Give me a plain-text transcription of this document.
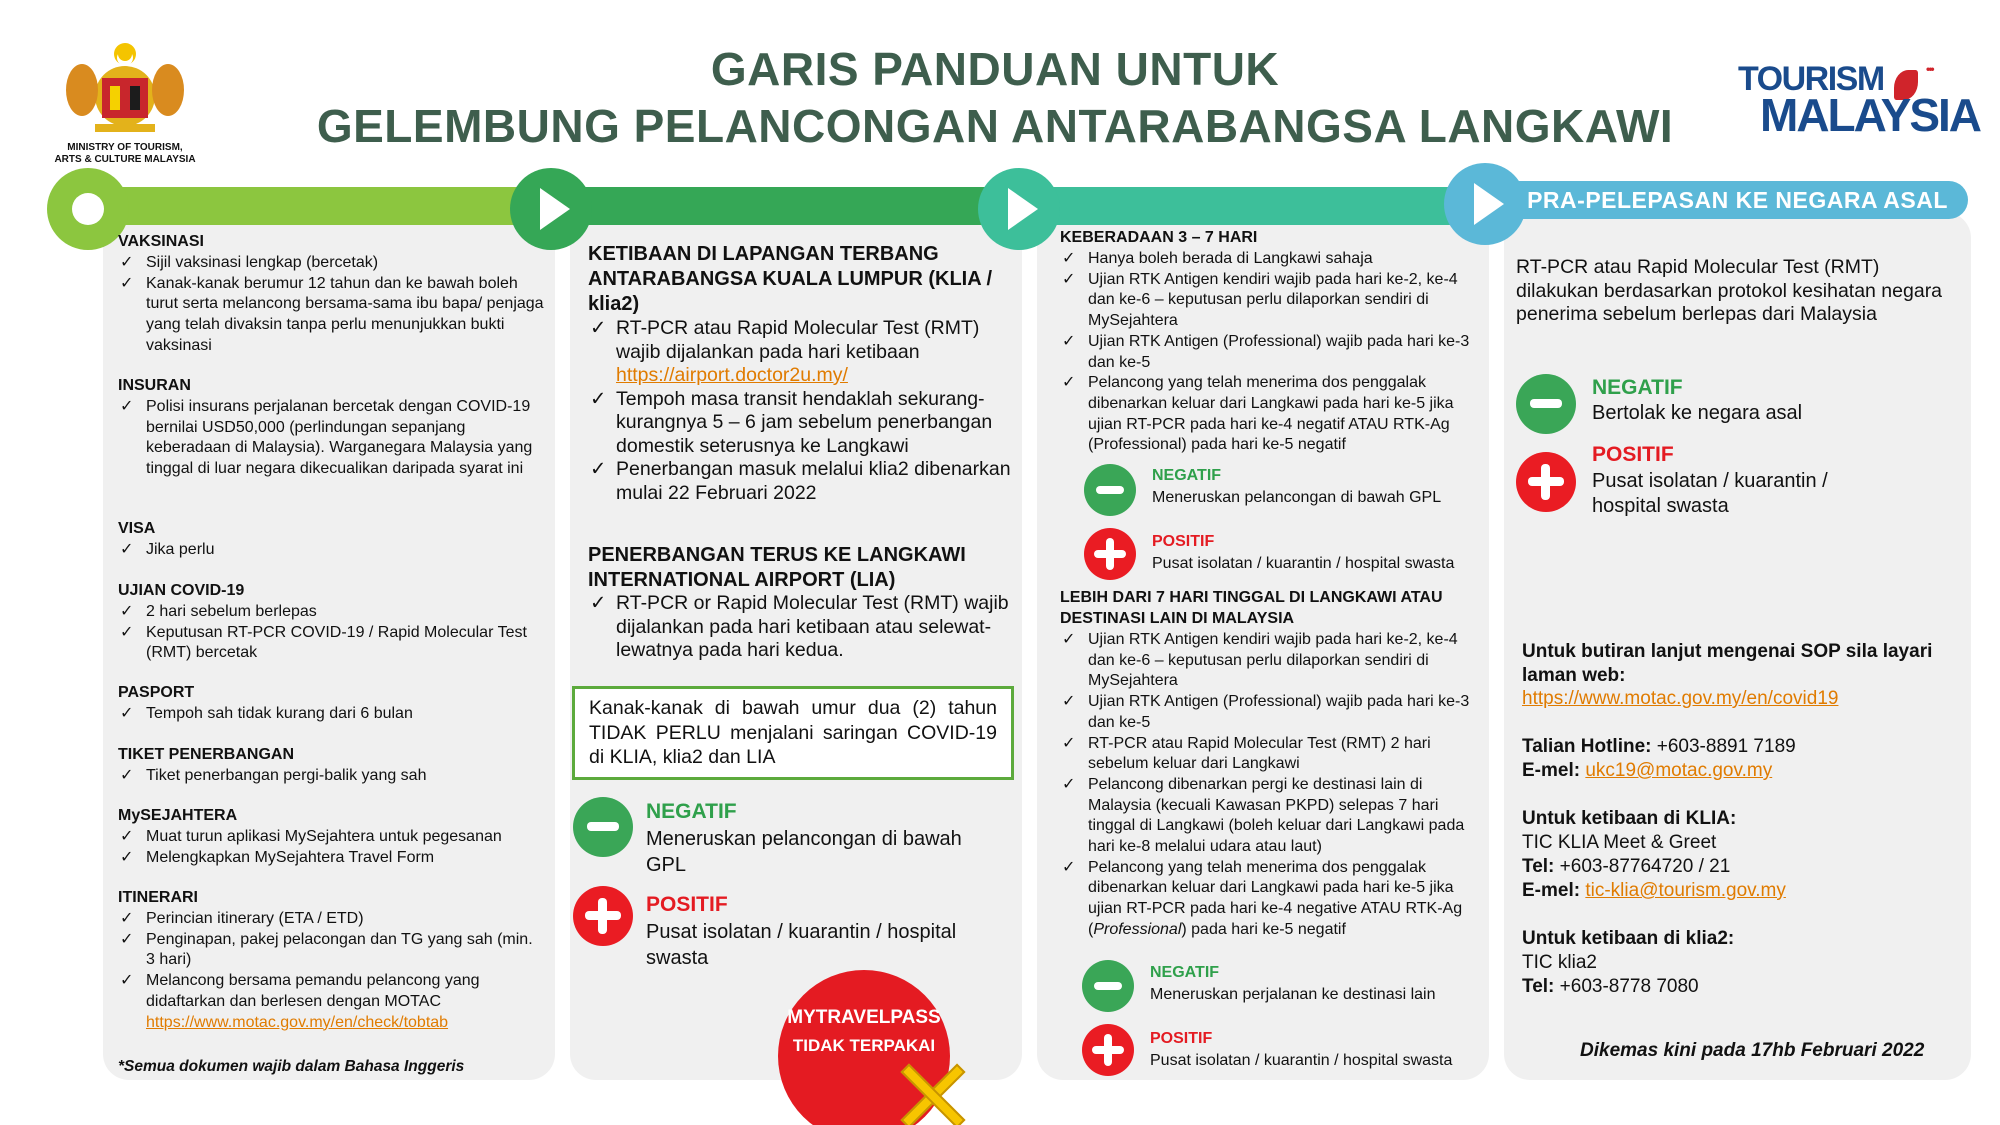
MINISTRY OF TOURISM,
ARTS & CULTURE MALAYSIA
GARIS PANDUAN UNTUK
GELEMBUNG PELANCONGAN ANTARABANGSA LANGKAWI
TOURISM	•••
MALAYSIA
PRA-PERLEPASAN	KETIBAAN	KEBERADAAN
PRA-PELEPASAN KE NEGARA ASAL
VAKSINASI
✓ Sijil vaksinasi lengkap (bercetak)
✓ Kanak-kanak berumur 12 tahun dan ke bawah boleh turut serta melancong bersama-sama ibu bapa/ penjaga yang telah divaksin tanpa perlu menunjukkan bukti vaksinasi
INSURAN
✓ Polisi insurans perjalanan bercetak dengan COVID-19 bernilai USD50,000 (perlindungan sepanjang keberadaan di Malaysia). Warganegara Malaysia yang tinggal di luar negara dikecualikan daripada syarat ini
VISA
✓ Jika perlu
UJIAN COVID-19
✓ 2 hari sebelum berlepas
✓ Keputusan RT-PCR COVID-19 / Rapid Molecular Test (RMT) bercetak
PASPORT
✓ Tempoh sah tidak kurang dari 6 bulan
TIKET PENERBANGAN
✓ Tiket penerbangan pergi-balik yang sah
MySEJAHTERA
✓ Muat turun aplikasi MySejahtera untuk pegesanan
✓ Melengkapkan MySejahtera Travel Form
ITINERARI
✓ Perincian itinerary (ETA / ETD)
✓ Penginapan, pakej pelacongan dan TG yang sah (min. 3 hari)
✓ Melancong bersama pemandu pelancong yang didaftarkan dan berlesen dengan MOTAC
https://www.motac.gov.my/en/check/tobtab
*Semua dokumen wajib dalam Bahasa Inggeris
KETIBAAN DI LAPANGAN TERBANG ANTARABANGSA KUALA LUMPUR (KLIA / klia2)
✓ RT-PCR atau Rapid Molecular Test (RMT) wajib dijalankan pada hari ketibaan
https://airport.doctor2u.my/
✓ Tempoh masa transit hendaklah sekurang-kurangnya 5 – 6 jam sebelum penerbangan domestik seterusnya ke Langkawi
✓ Penerbangan masuk melalui klia2 dibenarkan mulai 22 Februari 2022
PENERBANGAN TERUS KE LANGKAWI INTERNATIONAL AIRPORT (LIA)
✓ RT-PCR or Rapid Molecular Test (RMT) wajib dijalankan pada hari ketibaan atau selewat-lewatnya pada hari kedua.
Kanak-kanak di bawah umur dua (2) tahun TIDAK PERLU menjalani saringan COVID-19 di KLIA, klia2 dan LIA
NEGATIF
Meneruskan pelancongan di bawah GPL
POSITIF
Pusat isolatan / kuarantin / hospital swasta
MYTRAVELPASS
TIDAK TERPAKAI
KEBERADAAN 3 – 7 HARI
✓ Hanya boleh berada di Langkawi sahaja
✓ Ujian RTK Antigen kendiri wajib pada hari ke-2, ke-4 dan ke-6 – keputusan perlu dilaporkan sendiri di MySejahtera
✓ Ujian RTK Antigen (Professional) wajib pada hari ke-3 dan ke-5
✓ Pelancong yang telah menerima dos penggalak dibenarkan keluar dari Langkawi pada hari ke-5 jika ujian RT-PCR pada hari ke-4 negatif ATAU RTK-Ag (Professional) pada hari ke-5 negatif
NEGATIF
Meneruskan pelancongan di bawah GPL
POSITIF
Pusat isolatan / kuarantin / hospital swasta
LEBIH DARI 7 HARI TINGGAL DI LANGKAWI ATAU DESTINASI LAIN DI MALAYSIA
✓ Ujian RTK Antigen kendiri wajib pada hari ke-2, ke-4 dan ke-6 – keputusan perlu dilaporkan sendiri di MySejahtera
✓ Ujian RTK Antigen (Professional) wajib pada hari ke-3 dan ke-5
✓ RT-PCR atau Rapid Molecular Test (RMT) 2 hari sebelum keluar dari Langkawi
✓ Pelancong dibenarkan pergi ke destinasi lain di Malaysia (kecuali Kawasan PKPD) selepas 7 hari tinggal di Langkawi (boleh keluar dari Langkawi pada hari ke-8 melalui udara atau laut)
✓ Pelancong yang telah menerima dos penggalak dibenarkan keluar dari Langkawi pada hari ke-5 jika ujian RT-PCR pada hari ke-4 negative ATAU RTK-Ag (Professional) pada hari ke-5 negatif
NEGATIF
Meneruskan perjalanan ke destinasi lain
POSITIF
Pusat isolatan / kuarantin / hospital swasta
RT-PCR atau Rapid Molecular Test (RMT) dilakukan berdasarkan protokol kesihatan negara penerima sebelum berlepas dari Malaysia
NEGATIF
Bertolak ke negara asal
POSITIF
Pusat isolatan / kuarantin / hospital swasta
Untuk butiran lanjut mengenai SOP sila layari laman web:
https://www.motac.gov.my/en/covid19
Talian Hotline: +603-8891 7189
E-mel: ukc19@motac.gov.my
Untuk ketibaan di KLIA:
TIC KLIA Meet & Greet
Tel: +603-87764720 / 21
E-mel: tic-klia@tourism.gov.my
Untuk ketibaan di klia2:
TIC klia2
Tel: +603-8778 7080
Dikemas kini pada 17hb Februari 2022
